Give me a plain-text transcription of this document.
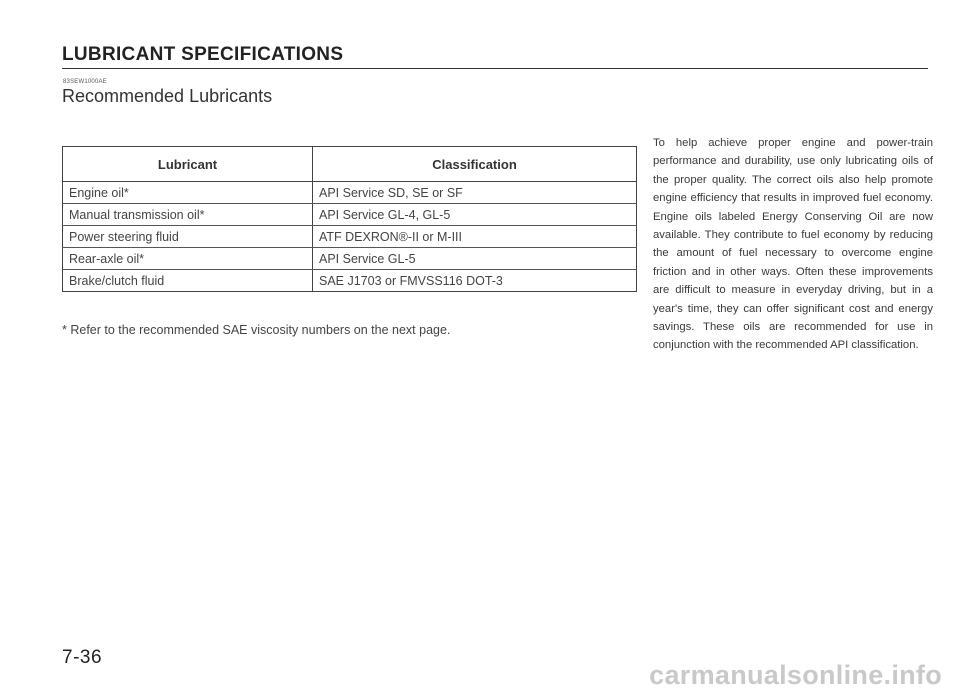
LUBRICANT SPECIFICATIONS
83SEW1000AE
Recommended Lubricants
Lubricant	Classification
Engine oil*	API Service SD, SE or SF
Manual transmission oil*	API Service GL-4, GL-5
Power steering fluid	ATF DEXRON®-II or M-III
Rear-axle oil*	API Service GL-5
Brake/clutch fluid	SAE J1703 or FMVSS116 DOT-3

* Refer to the recommended SAE viscosity numbers on the next page.

To help achieve proper engine and power-train performance and durability, use only lubricating oils of the proper quality. The correct oils also help promote engine efficiency that results in improved fuel economy. Engine oils labeled Energy Conserving Oil are now available. They contribute to fuel economy by reducing the amount of fuel necessary to overcome engine friction and in other ways. Often these improvements are difficult to measure in everyday driving, but in a year's time, they can offer significant cost and energy savings. These oils are recommended for use in conjunction with the recommended API classification.

7-36
carmanualsonline.info
